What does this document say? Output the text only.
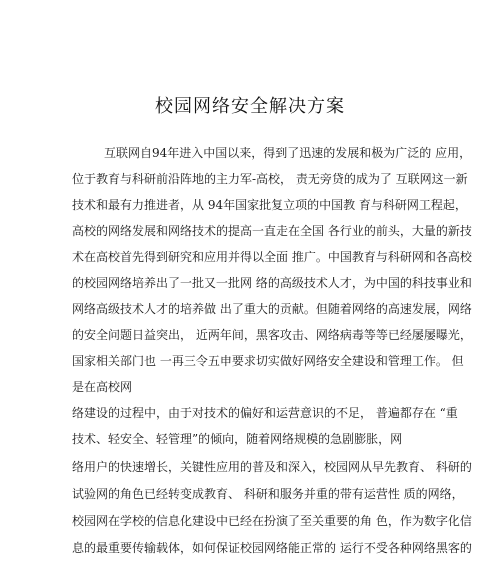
校园网络安全解决方案
互联网自94年进入中国以来，得到了迅速的发展和极为广泛的 应用，
位于教育与科研前沿阵地的主力军-高校， 责无旁贷的成为了 互联网这一新
技术和最有力推进者，从 94年国家批复立项的中国教 育与科研网工程起，
高校的网络发展和网络技术的提高一直走在全国 各行业的前头，大量的新技
术在高校首先得到研究和应用并得以全面 推广。中国教育与科研网和各高校
的校园网络培养出了一批又一批网 络的高级技术人才，为中国的科技事业和
网络高级技术人才的培养做 出了重大的贡献。但随着网络的高速发展，网络
的安全问题日益突出， 近两年间，黑客攻击、网络病毒等等已经屡屡曝光，
国家相关部门也 一再三令五申要求切实做好网络安全建设和管理工作。 但
是在高校网
络建设的过程中，由于对技术的偏好和运营意识的不足， 普遍都存在 “重
技术、轻安全、轻管理”的倾向，随着网络规模的急剧膨胀，网
络用户的快速增长，关键性应用的普及和深入，校园网从早先教育、 科研的
试验网的角色已经转变成教育、 科研和服务并重的带有运营性 质的网络，
校园网在学校的信息化建设中已经在扮演了至关重要的角 色，作为数字化信
息的最重要传输载体，如何保证校园网络能正常的 运行不受各种网络黑客的
